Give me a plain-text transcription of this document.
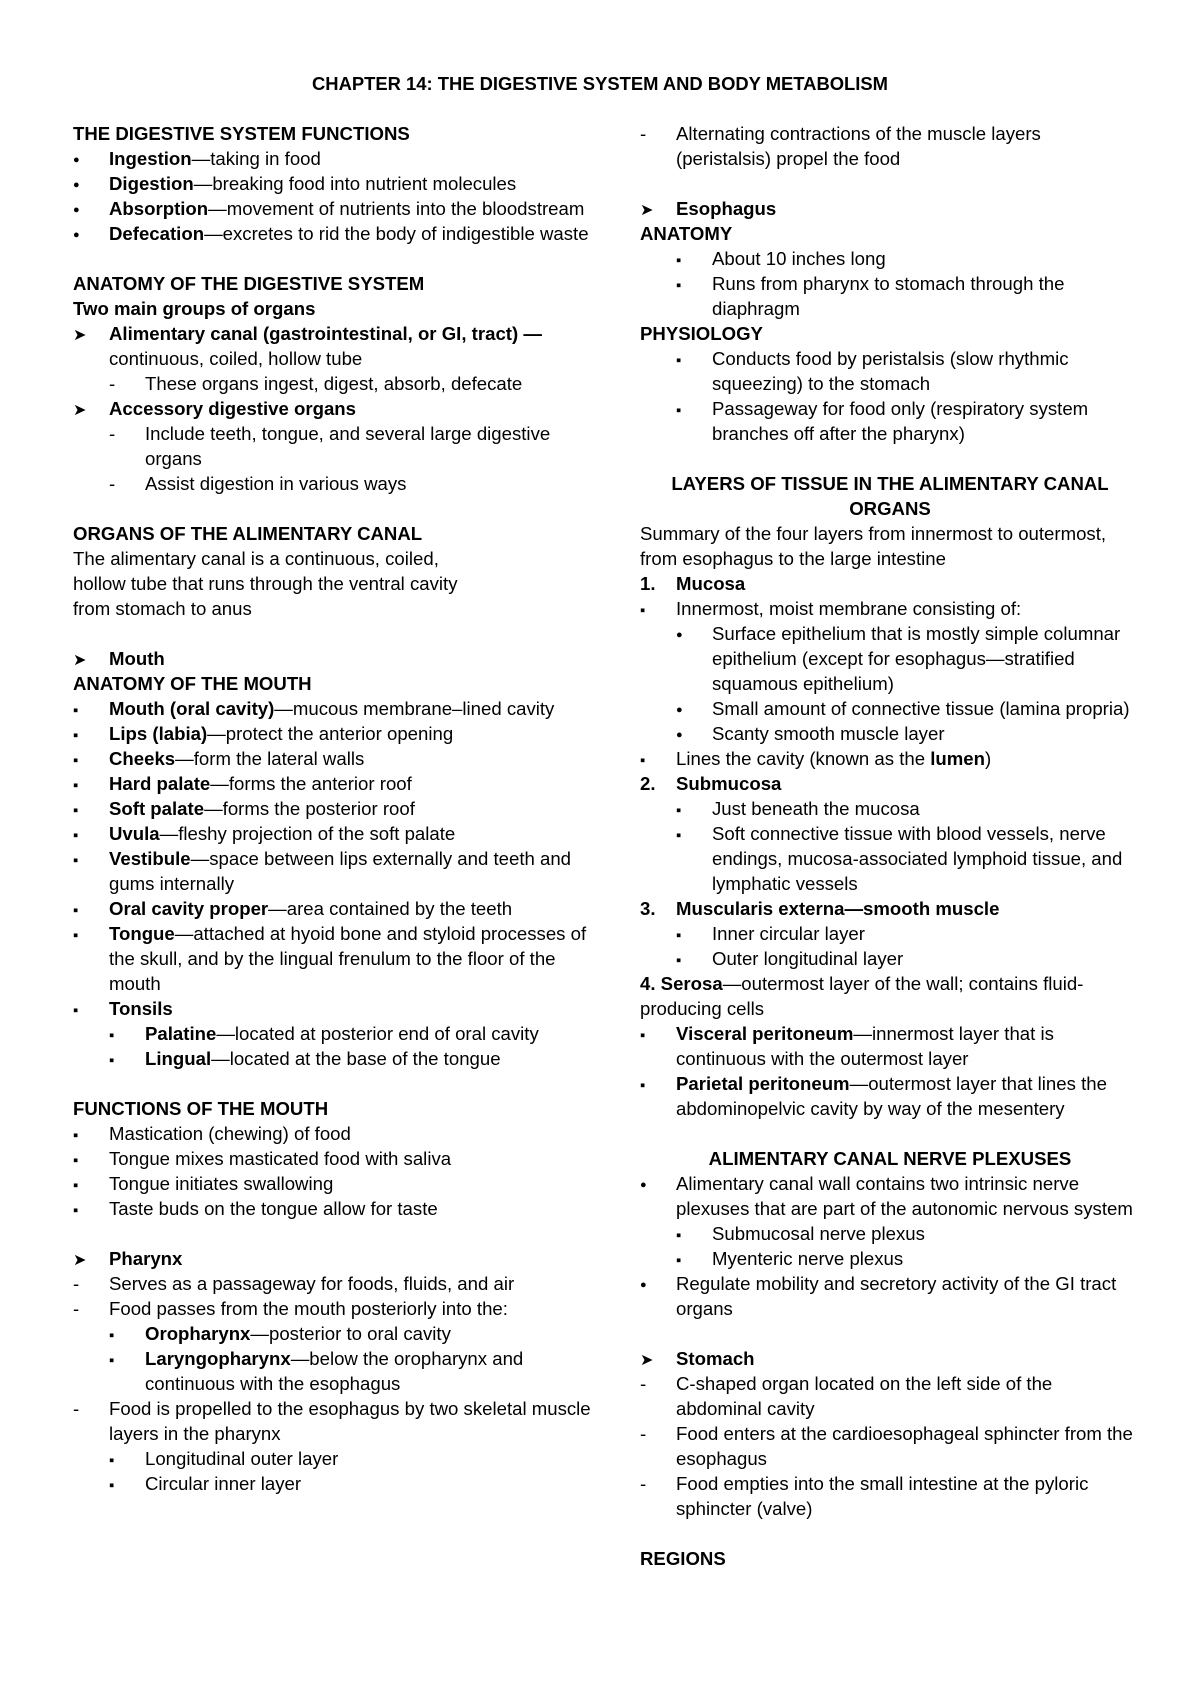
CHAPTER 14: THE DIGESTIVE SYSTEM AND BODY METABOLISM
THE DIGESTIVE SYSTEM FUNCTIONS
●
Ingestion—taking in food
●
Digestion—breaking food into nutrient molecules
●
Absorption—movement of nutrients into the bloodstream
●
Defecation—excretes to rid the body of indigestible waste
ANATOMY OF THE DIGESTIVE SYSTEM
Two main groups of organs
➤
Alimentary canal (gastrointestinal, or GI, tract) —continuous, coiled, hollow tube
-
These organs ingest, digest, absorb, defecate
➤
Accessory digestive organs
-
Include teeth, tongue, and several large digestive organs
-
Assist digestion in various ways
ORGANS OF THE ALIMENTARY CANAL
The alimentary canal is a continuous, coiled,
hollow tube that runs through the ventral cavity
from stomach to anus
➤
Mouth
ANATOMY OF THE MOUTH
▪
Mouth (oral cavity)—mucous membrane–lined cavity
▪
Lips (labia)—protect the anterior opening
▪
Cheeks—form the lateral walls
▪
Hard palate—forms the anterior roof
▪
Soft palate—forms the posterior roof
▪
Uvula—fleshy projection of the soft palate
▪
Vestibule—space between lips externally and teeth and gums internally
▪
Oral cavity proper—area contained by the teeth
▪
Tongue—attached at hyoid bone and styloid processes of the skull, and by the lingual frenulum to the floor of the mouth
▪
Tonsils
▪
Palatine—located at posterior end of oral cavity
▪
Lingual—located at the base of the tongue
FUNCTIONS OF THE MOUTH
▪
Mastication (chewing) of food
▪
Tongue mixes masticated food with saliva
▪
Tongue initiates swallowing
▪
Taste buds on the tongue allow for taste
➤
Pharynx
-
Serves as a passageway for foods, fluids, and air
-
Food passes from the mouth posteriorly into the:
▪
Oropharynx—posterior to oral cavity
▪
Laryngopharynx—below the oropharynx and continuous with the esophagus
-
Food is propelled to the esophagus by two skeletal muscle layers in the pharynx
▪
Longitudinal outer layer
▪
Circular inner layer
-
Alternating contractions of the muscle layers (peristalsis) propel the food
➤
Esophagus
ANATOMY
▪
About 10 inches long
▪
Runs from pharynx to stomach through the diaphragm
PHYSIOLOGY
▪
Conducts food by peristalsis (slow rhythmic squeezing) to the stomach
▪
Passageway for food only (respiratory system branches off after the pharynx)
LAYERS OF TISSUE IN THE ALIMENTARY CANAL ORGANS
Summary of the four layers from innermost to outermost, from esophagus to the large intestine
1. Mucosa
▪
Innermost, moist membrane consisting of:
●
Surface epithelium that is mostly simple columnar epithelium (except for esophagus—stratified squamous epithelium)
●
Small amount of connective tissue (lamina propria)
●
Scanty smooth muscle layer
▪
Lines the cavity (known as the lumen)
2. Submucosa
▪
Just beneath the mucosa
▪
Soft connective tissue with blood vessels, nerve endings, mucosa-associated lymphoid tissue, and lymphatic vessels
3. Muscularis externa—smooth muscle
▪
Inner circular layer
▪
Outer longitudinal layer
4. Serosa—outermost layer of the wall; contains fluid-producing cells
▪
Visceral peritoneum—innermost layer that is continuous with the outermost layer
▪
Parietal peritoneum—outermost layer that lines the abdominopelvic cavity by way of the mesentery
ALIMENTARY CANAL NERVE PLEXUSES
●
Alimentary canal wall contains two intrinsic nerve plexuses that are part of the autonomic nervous system
▪
Submucosal nerve plexus
▪
Myenteric nerve plexus
●
Regulate mobility and secretory activity of the GI tract organs
➤
Stomach
-
C-shaped organ located on the left side of the abdominal cavity
-
Food enters at the cardioesophageal sphincter from the esophagus
-
Food empties into the small intestine at the pyloric sphincter (valve)
REGIONS
